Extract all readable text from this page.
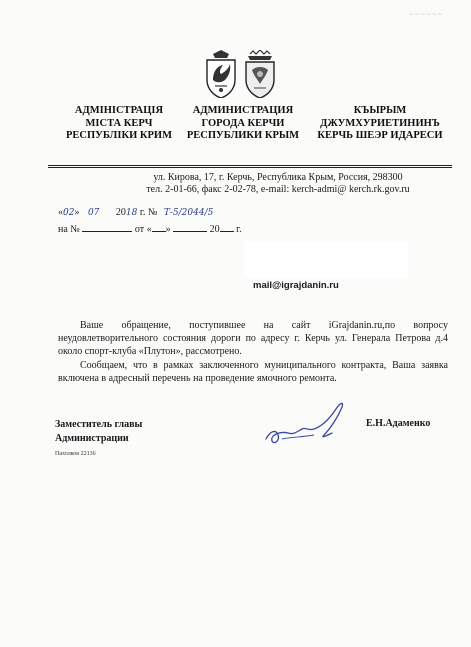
~~~~~~
АДМІНІСТРАЦІЯ
МІСТА КЕРЧ
РЕСПУБЛІКИ КРИМ
АДМИНИСТРАЦИЯ
ГОРОДА КЕРЧИ
РЕСПУБЛИКИ КРЫМ
КЪЫРЫМ
ДЖУМХУРИЕТИНИНЪ
КЕРЧЬ ШЕЭР ИДАРЕСИ
ул. Кирова, 17, г. Керчь, Республика Крым, Россия, 298300
тел. 2-01-66, факс 2-02-78, e-mail: kerch-admi@ kerch.rk.gov.ru
«02» 07 2018 г. № Т-5/2044/5
на №	от « »	20 г.
mail@igrajdanin.ru

Ваше обращение, поступившее на сайт iGrajdanin.ru,по вопросу неудовлетворительного состояния дороги по адресу г. Керчь ул. Генерала Петрова д.4 около спорт-клуба «Плутон», рассмотрено.

Сообщаем, что в рамках заключенного муниципального контракта, Ваша заявка включена в адресный перечень на проведение ямочного ремонта.

Заместитель главы
Администрации
Е.Н.Адаменко
Пахолков 22136
